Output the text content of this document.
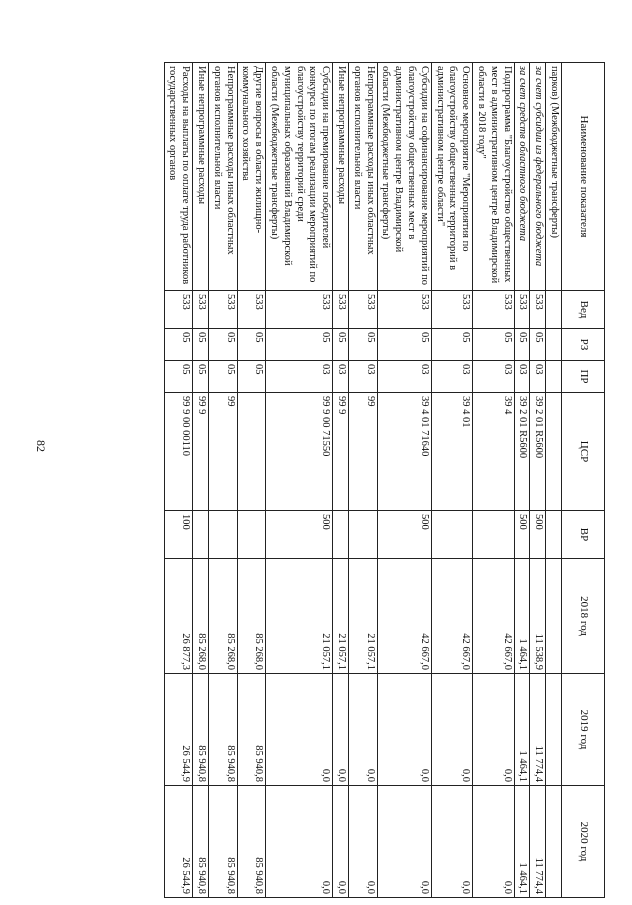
82
Наименование показателя	Вед	РЗ	ПР	ЦСР	ВР	2018 год	2019 год	2020 год
парков) (Межбюджетные трансферты)								
за счет субсидии из федерального бюджета	533	05	03	39 2 01 R5600	500	11 538,9	11 774,4	11 774,4
за счет средств областного бюджета	533	05	03	39 2 01 R5600	500	1 464,1	1 464,1	1 464,1
Подпрограмма "Благоустройство общественных мест в административном центре Владимирской области в 2018 году"	533	05	03	39 4		42 667,0	0,0	0,0
Основное мероприятие "Мероприятия по благоустройству общественных территорий в административном центре области"	533	05	03	39 4 01		42 667,0	0,0	0,0
Субсидии на софинансирование мероприятий по благоустройству общественных мест в административном центре Владимирской области (Межбюджетные трансферты)	533	05	03	39 4 01 71640	500	42 667,0	0,0	0,0
Непрограммные расходы иных областных органов исполнительной власти	533	05	03	99		21 057,1	0,0	0,0
Иные непрограммные расходы	533	05	03	99 9		21 057,1	0,0	0,0
Субсидии на премирование победителей конкурса по итогам реализации мероприятий по благоустройству территорий среди муниципальных образований Владимирской области (Межбюджетные трансферты)	533	05	03	99 9 00 71550	500	21 057,1	0,0	0,0
Другие вопросы в области жилищно-коммунального хозяйства	533	05	05			85 268,0	85 940,8	85 940,8
Непрограммные расходы иных областных органов исполнительной власти	533	05	05	99		85 268,0	85 940,8	85 940,8
Иные непрограммные расходы	533	05	05	99 9		85 268,0	85 940,8	85 940,8
Расходы на выплаты по оплате труда работников государственных органов	533	05	05	99 9 00 00110	100	26 877,3	26 544,9	26 544,9
